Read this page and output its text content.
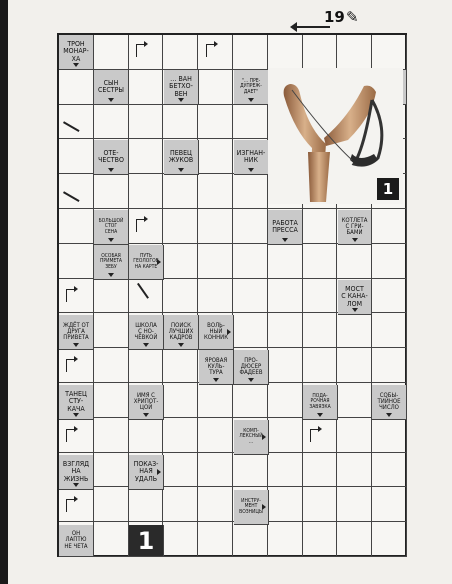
19 ✎
ТРОН
МОНАР-
ХА
СЫН
СЕСТРЫ
… ВАН
БЕТХО-
ВЕН
"… ПРЕ-
ДУПРЕЖ-
ДАЕТ"
ОТЕ-
ЧЕСТВО
ПЕВЕЦ
ЖУКОВ
ИЗГНАН-
НИК
БОЛЬШОЙ
СТОГ
СЕНА
РАБОТА
ПРЕССА
КОТЛЕТА
С ГРИ-
БАМИ
ОСОБАЯ
ПРИМЕТА
ЗЕБУ
ПУТЬ
ГЕОЛОГОВ
НА КАРТЕ
МОСТ
С КАНА-
ЛОМ
ЖДЁТ ОТ
ДРУГА
ПРИВЕТА
ШКОЛА
С НО-
ЧЁВКОЙ
ПОИСК
ЛУЧШИХ
КАДРОВ
ВОЛЬ-
НЫЙ
КОННИК
ЯРОВАЯ
КУЛЬ-
ТУРА
ПРО-
ДЮСЕР
ФАДЕЕВ
ТАНЕЦ
СТУ-
КАЧА
ИМЯ С
ХРИПОТ-
ЦОЙ
ПОДА-
РОЧНАЯ
ЗАВЯЗКА
СОБЫ-
ТИЙНОЕ
ЧИСЛО
КОМП-
ЛЕКСНЫЙ
…
ВЗГЛЯД
НА
ЖИЗНЬ
ПОКАЗ-
НАЯ
УДАЛЬ
ИНСТРУ-
МЕНТ
ВОЗНИЦЫ
ОН
ЛАПТЮ
НЕ ЧЕТА 1
1
